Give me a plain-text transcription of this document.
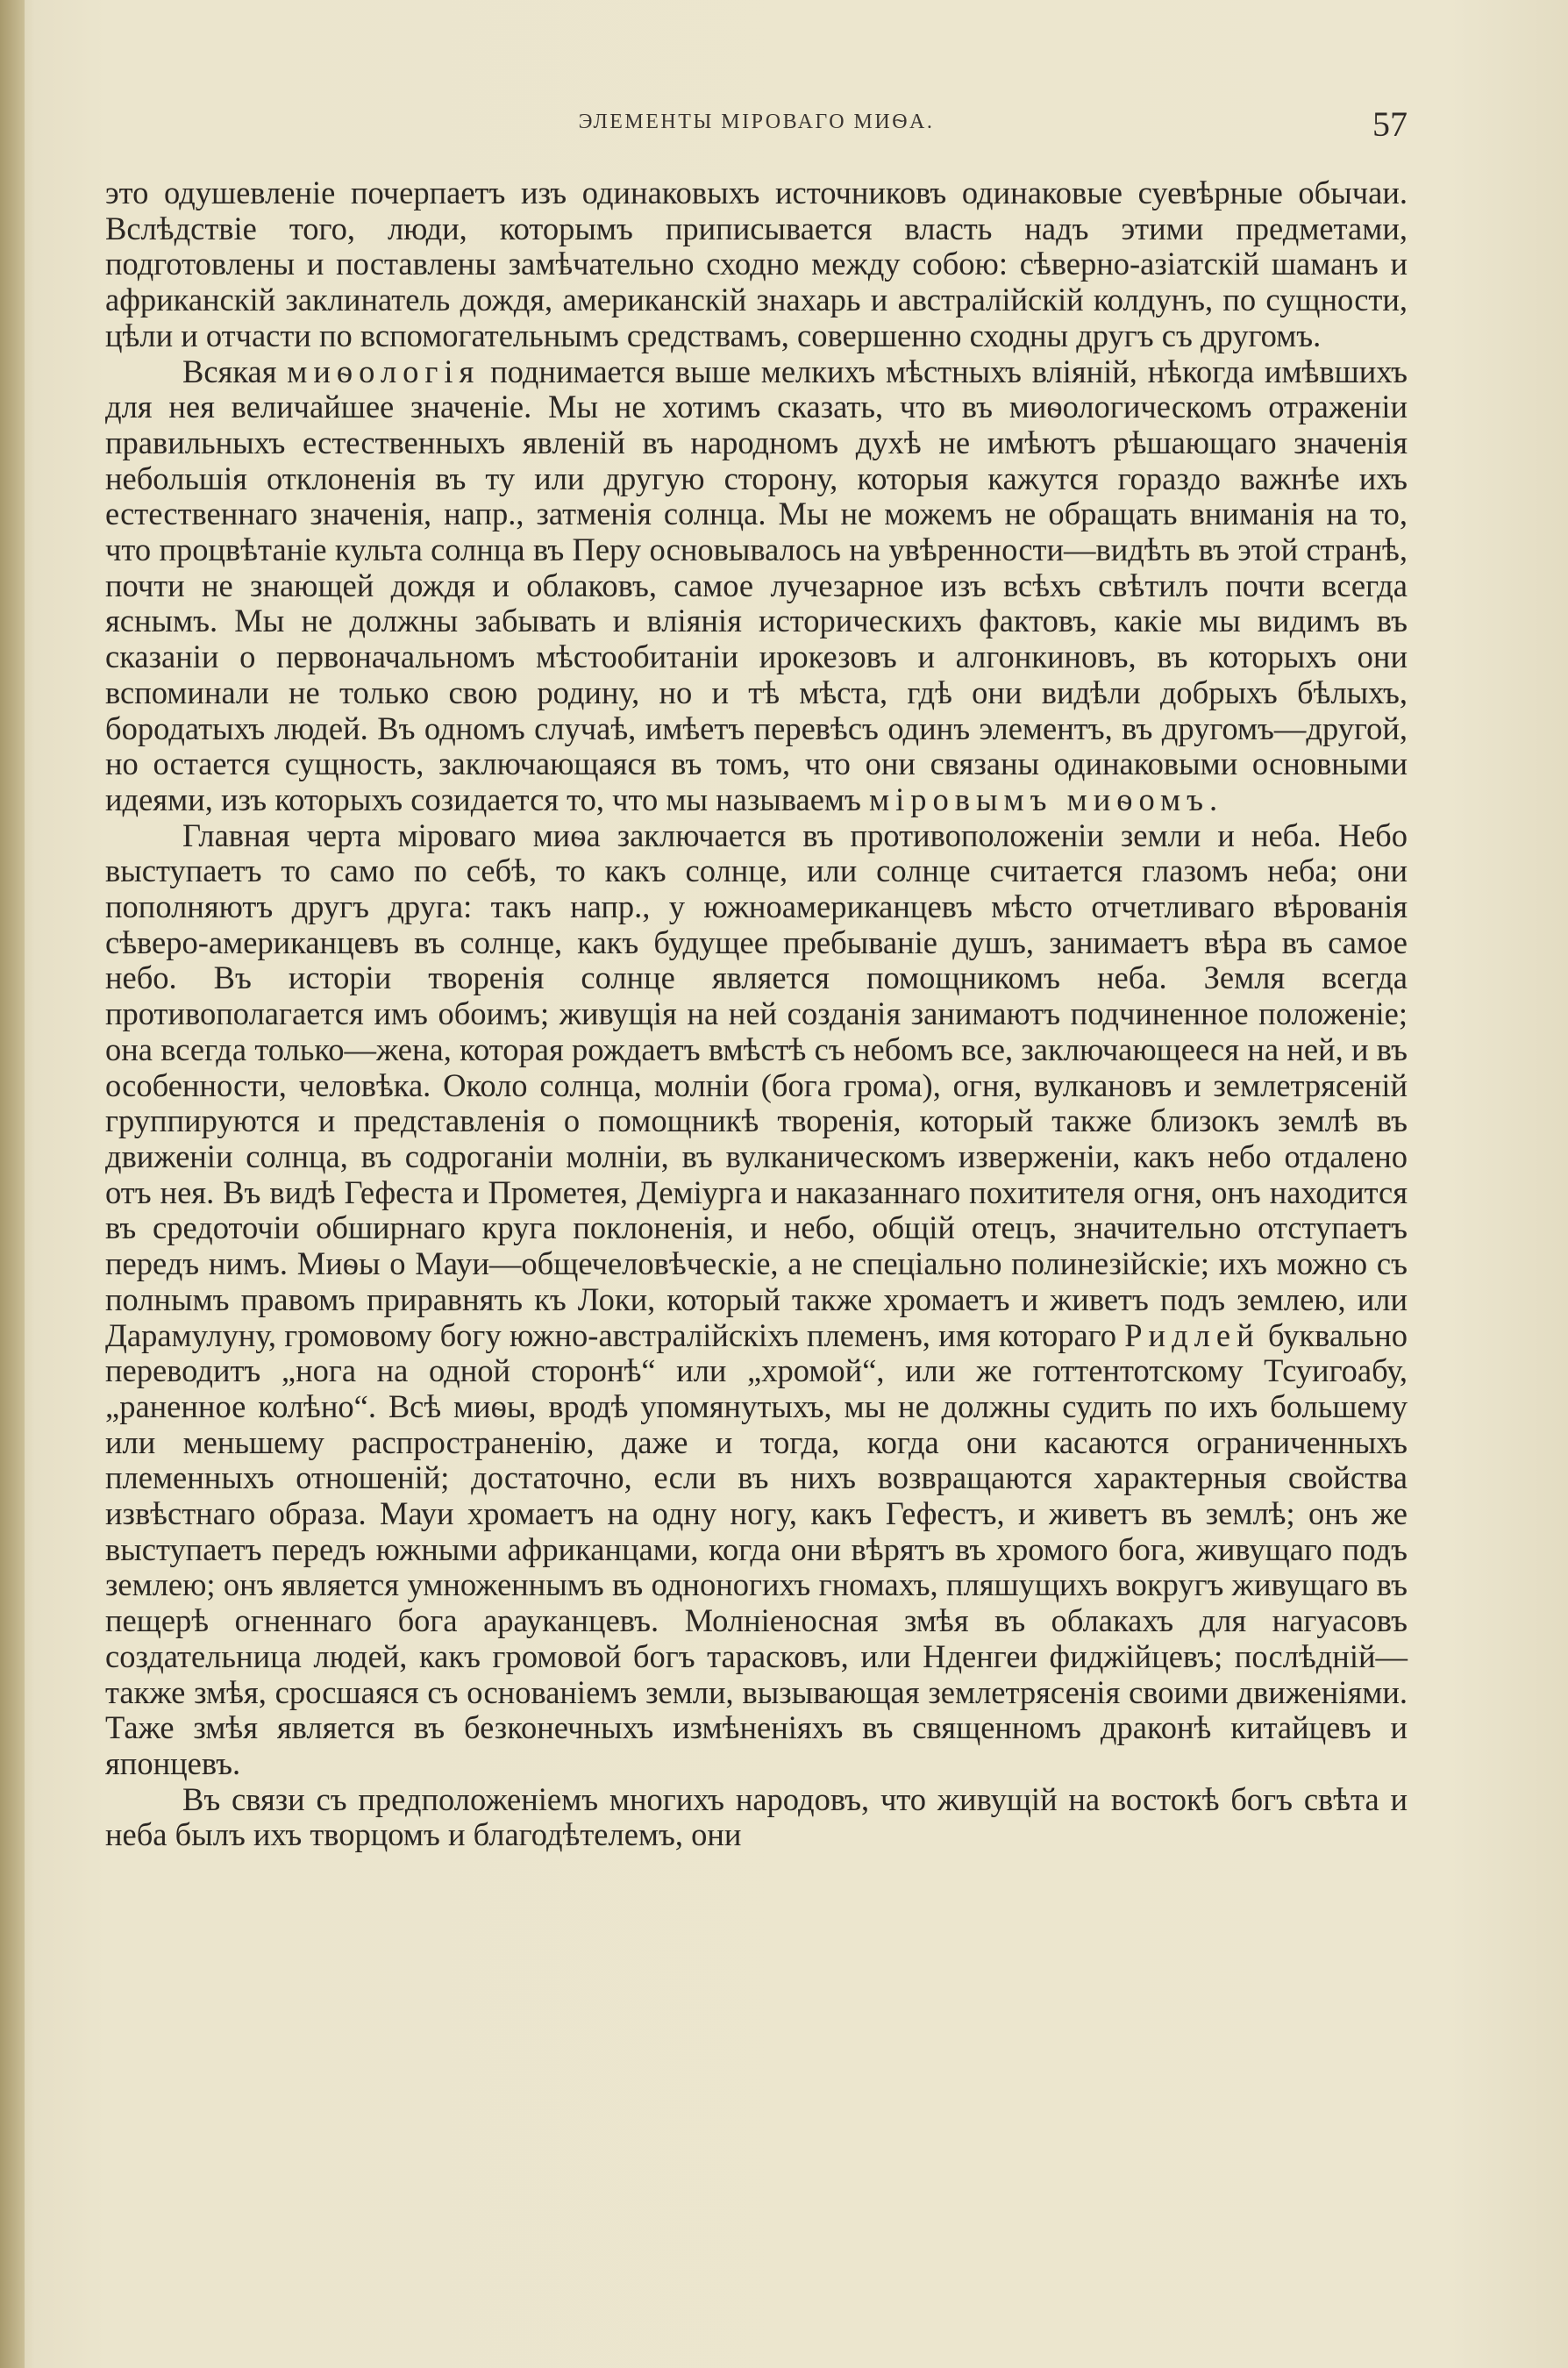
ЭЛЕМЕНТЫ МІРОВАГО МИѲА.	57

это одушевленіе почерпаетъ изъ одинаковыхъ источниковъ одинаковые суевѣрные обычаи. Вслѣдствіе того, люди, которымъ приписывается власть надъ этими предметами, подготовлены и поставлены замѣчательно сходно между собою: сѣверно-азіатскій шаманъ и африканскій заклинатель дождя, американскій знахарь и австралійскій колдунъ, по сущности, цѣли и отчасти по вспомогательнымъ средствамъ, совершенно сходны другъ съ другомъ.

Всякая миѳологія поднимается выше мелкихъ мѣстныхъ вліяній, нѣкогда имѣвшихъ для нея величайшее значеніе. Мы не хотимъ сказать, что въ миѳологическомъ отраженіи правильныхъ естественныхъ явленій въ народномъ духѣ не имѣютъ рѣшающаго значенія небольшія отклоненія въ ту или другую сторону, которыя кажутся гораздо важнѣе ихъ естественнаго значенія, напр., затменія солнца. Мы не можемъ не обращать вниманія на то, что процвѣтаніе культа солнца въ Перу основывалось на увѣренности—видѣть въ этой странѣ, почти не знающей дождя и облаковъ, самое лучезарное изъ всѣхъ свѣтилъ почти всегда яснымъ. Мы не должны забывать и вліянія историческихъ фактовъ, какіе мы видимъ въ сказаніи о первоначальномъ мѣстообитаніи ирокезовъ и алгонкиновъ, въ которыхъ они вспоминали не только свою родину, но и тѣ мѣста, гдѣ они видѣли добрыхъ бѣлыхъ, бородатыхъ людей. Въ одномъ случаѣ, имѣетъ перевѣсъ одинъ элементъ, въ другомъ—другой, но остается сущность, заключающаяся въ томъ, что они связаны одинаковыми основными идеями, изъ которыхъ созидается то, что мы называемъ міровымъ миѳомъ.

Главная черта міроваго миѳа заключается въ противоположеніи земли и неба. Небо выступаетъ то само по себѣ, то какъ солнце, или солнце считается глазомъ неба; они пополняютъ другъ друга: такъ напр., у южноамериканцевъ мѣсто отчетливаго вѣрованія сѣверо-американцевъ въ солнце, какъ будущее пребываніе душъ, занимаетъ вѣра въ самое небо. Въ исторіи творенія солнце является помощникомъ неба. Земля всегда противополагается имъ обоимъ; живущія на ней созданія занимаютъ подчиненное положеніе; она всегда только—жена, которая рождаетъ вмѣстѣ съ небомъ все, заключающееся на ней, и въ особенности, человѣка. Около солнца, молніи (бога грома), огня, вулкановъ и землетрясеній группируются и представленія о помощникѣ творенія, который также близокъ землѣ въ движеніи солнца, въ содроганіи молніи, въ вулканическомъ изверженіи, какъ небо отдалено отъ нея. Въ видѣ Гефеста и Прометея, Деміурга и наказаннаго похитителя огня, онъ находится въ средоточіи обширнаго круга поклоненія, и небо, общій отецъ, значительно отступаетъ передъ нимъ. Миѳы о Мауи—общечеловѣческіе, а не спеціально полинезійскіе; ихъ можно съ полнымъ правомъ приравнять къ Локи, который также хромаетъ и живетъ подъ землею, или Дарамулуну, громовому богу южно-австралійскіхъ племенъ, имя котораго Ридлей буквально переводитъ „нога на одной сторонѣ“ или „хромой“, или же готтентотскому Тсуигоабу, „раненное колѣно“. Всѣ миѳы, вродѣ упомянутыхъ, мы не должны судить по ихъ большему или меньшему распространенію, даже и тогда, когда они касаются ограниченныхъ племенныхъ отношеній; достаточно, если въ нихъ возвращаются характерныя свойства извѣстнаго образа. Мауи хромаетъ на одну ногу, какъ Гефестъ, и живетъ въ землѣ; онъ же выступаетъ передъ южными африканцами, когда они вѣрятъ въ хромого бога, живущаго подъ землею; онъ является умноженнымъ въ одноногихъ гномахъ, пляшущихъ вокругъ живущаго въ пещерѣ огненнаго бога арауканцевъ. Молніеносная змѣя въ облакахъ для нагуасовъ создательница людей, какъ громовой богъ тарасковъ, или Нденгеи фиджійцевъ; послѣдній—также змѣя, сросшаяся съ основаніемъ земли, вызывающая землетрясенія своими движеніями. Таже змѣя является въ безконечныхъ измѣненіяхъ въ священномъ драконѣ китайцевъ и японцевъ.

Въ связи съ предположеніемъ многихъ народовъ, что живущій на востокѣ богъ свѣта и неба былъ ихъ творцомъ и благодѣтелемъ, они
